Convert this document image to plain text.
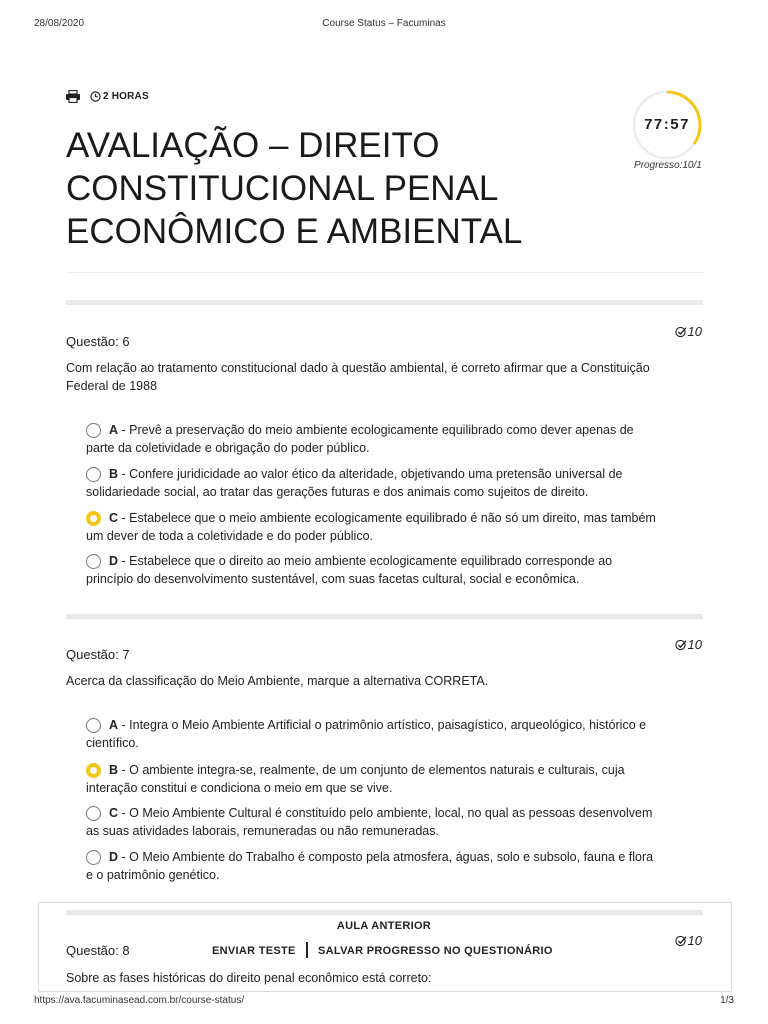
28/08/2020	Course Status – Facuminas
2 HORAS
77:57
Progresso:10/1
AVALIAÇÃO – DIREITO
CONSTITUCIONAL PENAL
ECONÔMICO E AMBIENTAL
Questão: 6
10
Com relação ao tratamento constitucional dado à questão ambiental, é correto afirmar que a Constituição
Federal de 1988
A - Prevê a preservação do meio ambiente ecologicamente equilibrado como dever apenas de
parte da coletividade e obrigação do poder público.
B - Confere juridicidade ao valor ético da alteridade, objetivando uma pretensão universal de
solidariedade social, ao tratar das gerações futuras e dos animais como sujeitos de direito.
C - Estabelece que o meio ambiente ecologicamente equilibrado é não só um direito, mas também
um dever de toda a coletividade e do poder público.
D - Estabelece que o direito ao meio ambiente ecologicamente equilibrado corresponde ao
princípio do desenvolvimento sustentável, com suas facetas cultural, social e econômica.
Questão: 7
10
Acerca da classificação do Meio Ambiente, marque a alternativa CORRETA.
A - Integra o Meio Ambiente Artificial o patrimônio artístico, paisagístico, arqueológico, histórico e
científico.
B - O ambiente integra-se, realmente, de um conjunto de elementos naturais e culturais, cuja
interação constitui e condiciona o meio em que se vive.
C - O Meio Ambiente Cultural é constituído pelo ambiente, local, no qual as pessoas desenvolvem
as suas atividades laborais, remuneradas ou não remuneradas.
D - O Meio Ambiente do Trabalho é composto pela atmosfera, águas, solo e subsolo, fauna e flora
e o patrimônio genético.
AULA ANTERIOR
Questão: 8
10
Sobre as fases históricas do direito penal econômico está correto:
ENVIAR TESTE SALVAR PROGRESSO NO QUESTIONÁRIO
https://ava.facuminasead.com.br/course-status/	1/3
